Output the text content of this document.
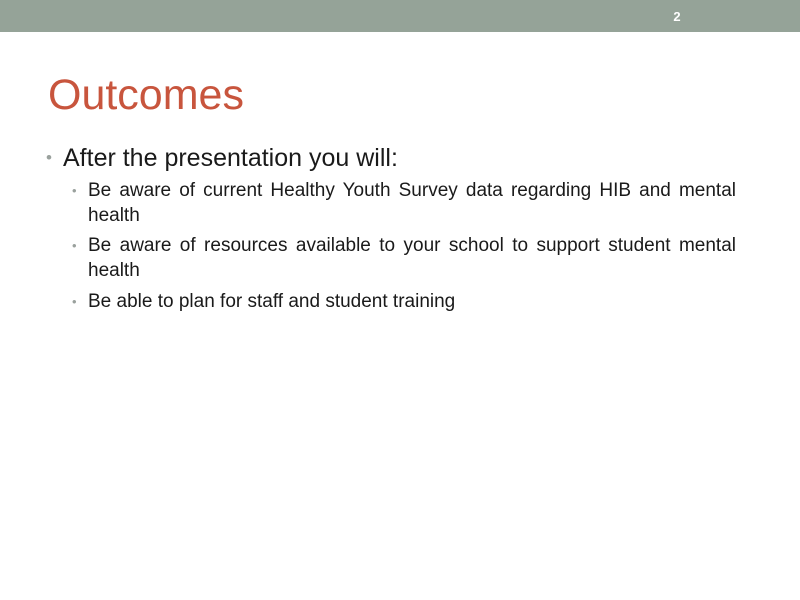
2
Outcomes
• After the presentation you will:
• Be aware of current Healthy Youth Survey data regarding HIB and mental health
• Be aware of resources available to your school to support student mental health
• Be able to plan for staff and student training
